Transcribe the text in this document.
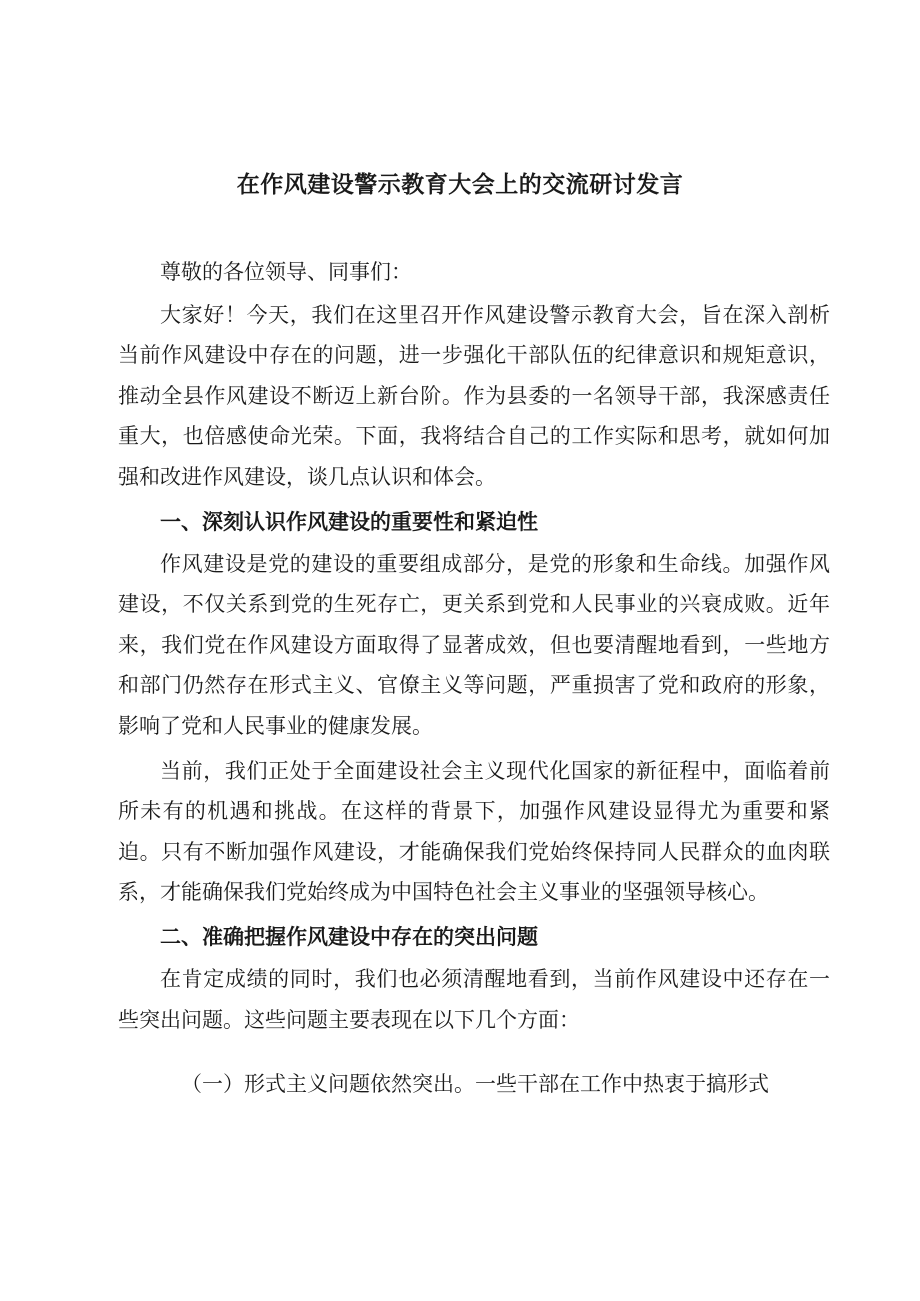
在作风建设警示教育大会上的交流研讨发言

尊敬的各位领导、同事们：

大家好！今天，我们在这里召开作风建设警示教育大会，旨在深入剖析当前作风建设中存在的问题，进一步强化干部队伍的纪律意识和规矩意识，推动全县作风建设不断迈上新台阶。作为县委的一名领导干部，我深感责任重大，也倍感使命光荣。下面，我将结合自己的工作实际和思考，就如何加强和改进作风建设，谈几点认识和体会。

一、深刻认识作风建设的重要性和紧迫性

作风建设是党的建设的重要组成部分，是党的形象和生命线。加强作风建设，不仅关系到党的生死存亡，更关系到党和人民事业的兴衰成败。近年来，我们党在作风建设方面取得了显著成效，但也要清醒地看到，一些地方和部门仍然存在形式主义、官僚主义等问题，严重损害了党和政府的形象，影响了党和人民事业的健康发展。

当前，我们正处于全面建设社会主义现代化国家的新征程中，面临着前所未有的机遇和挑战。在这样的背景下，加强作风建设显得尤为重要和紧迫。只有不断加强作风建设，才能确保我们党始终保持同人民群众的血肉联系，才能确保我们党始终成为中国特色社会主义事业的坚强领导核心。

二、准确把握作风建设中存在的突出问题

在肯定成绩的同时，我们也必须清醒地看到，当前作风建设中还存在一些突出问题。这些问题主要表现在以下几个方面：

（一）形式主义问题依然突出。一些干部在工作中热衷于搞形式
